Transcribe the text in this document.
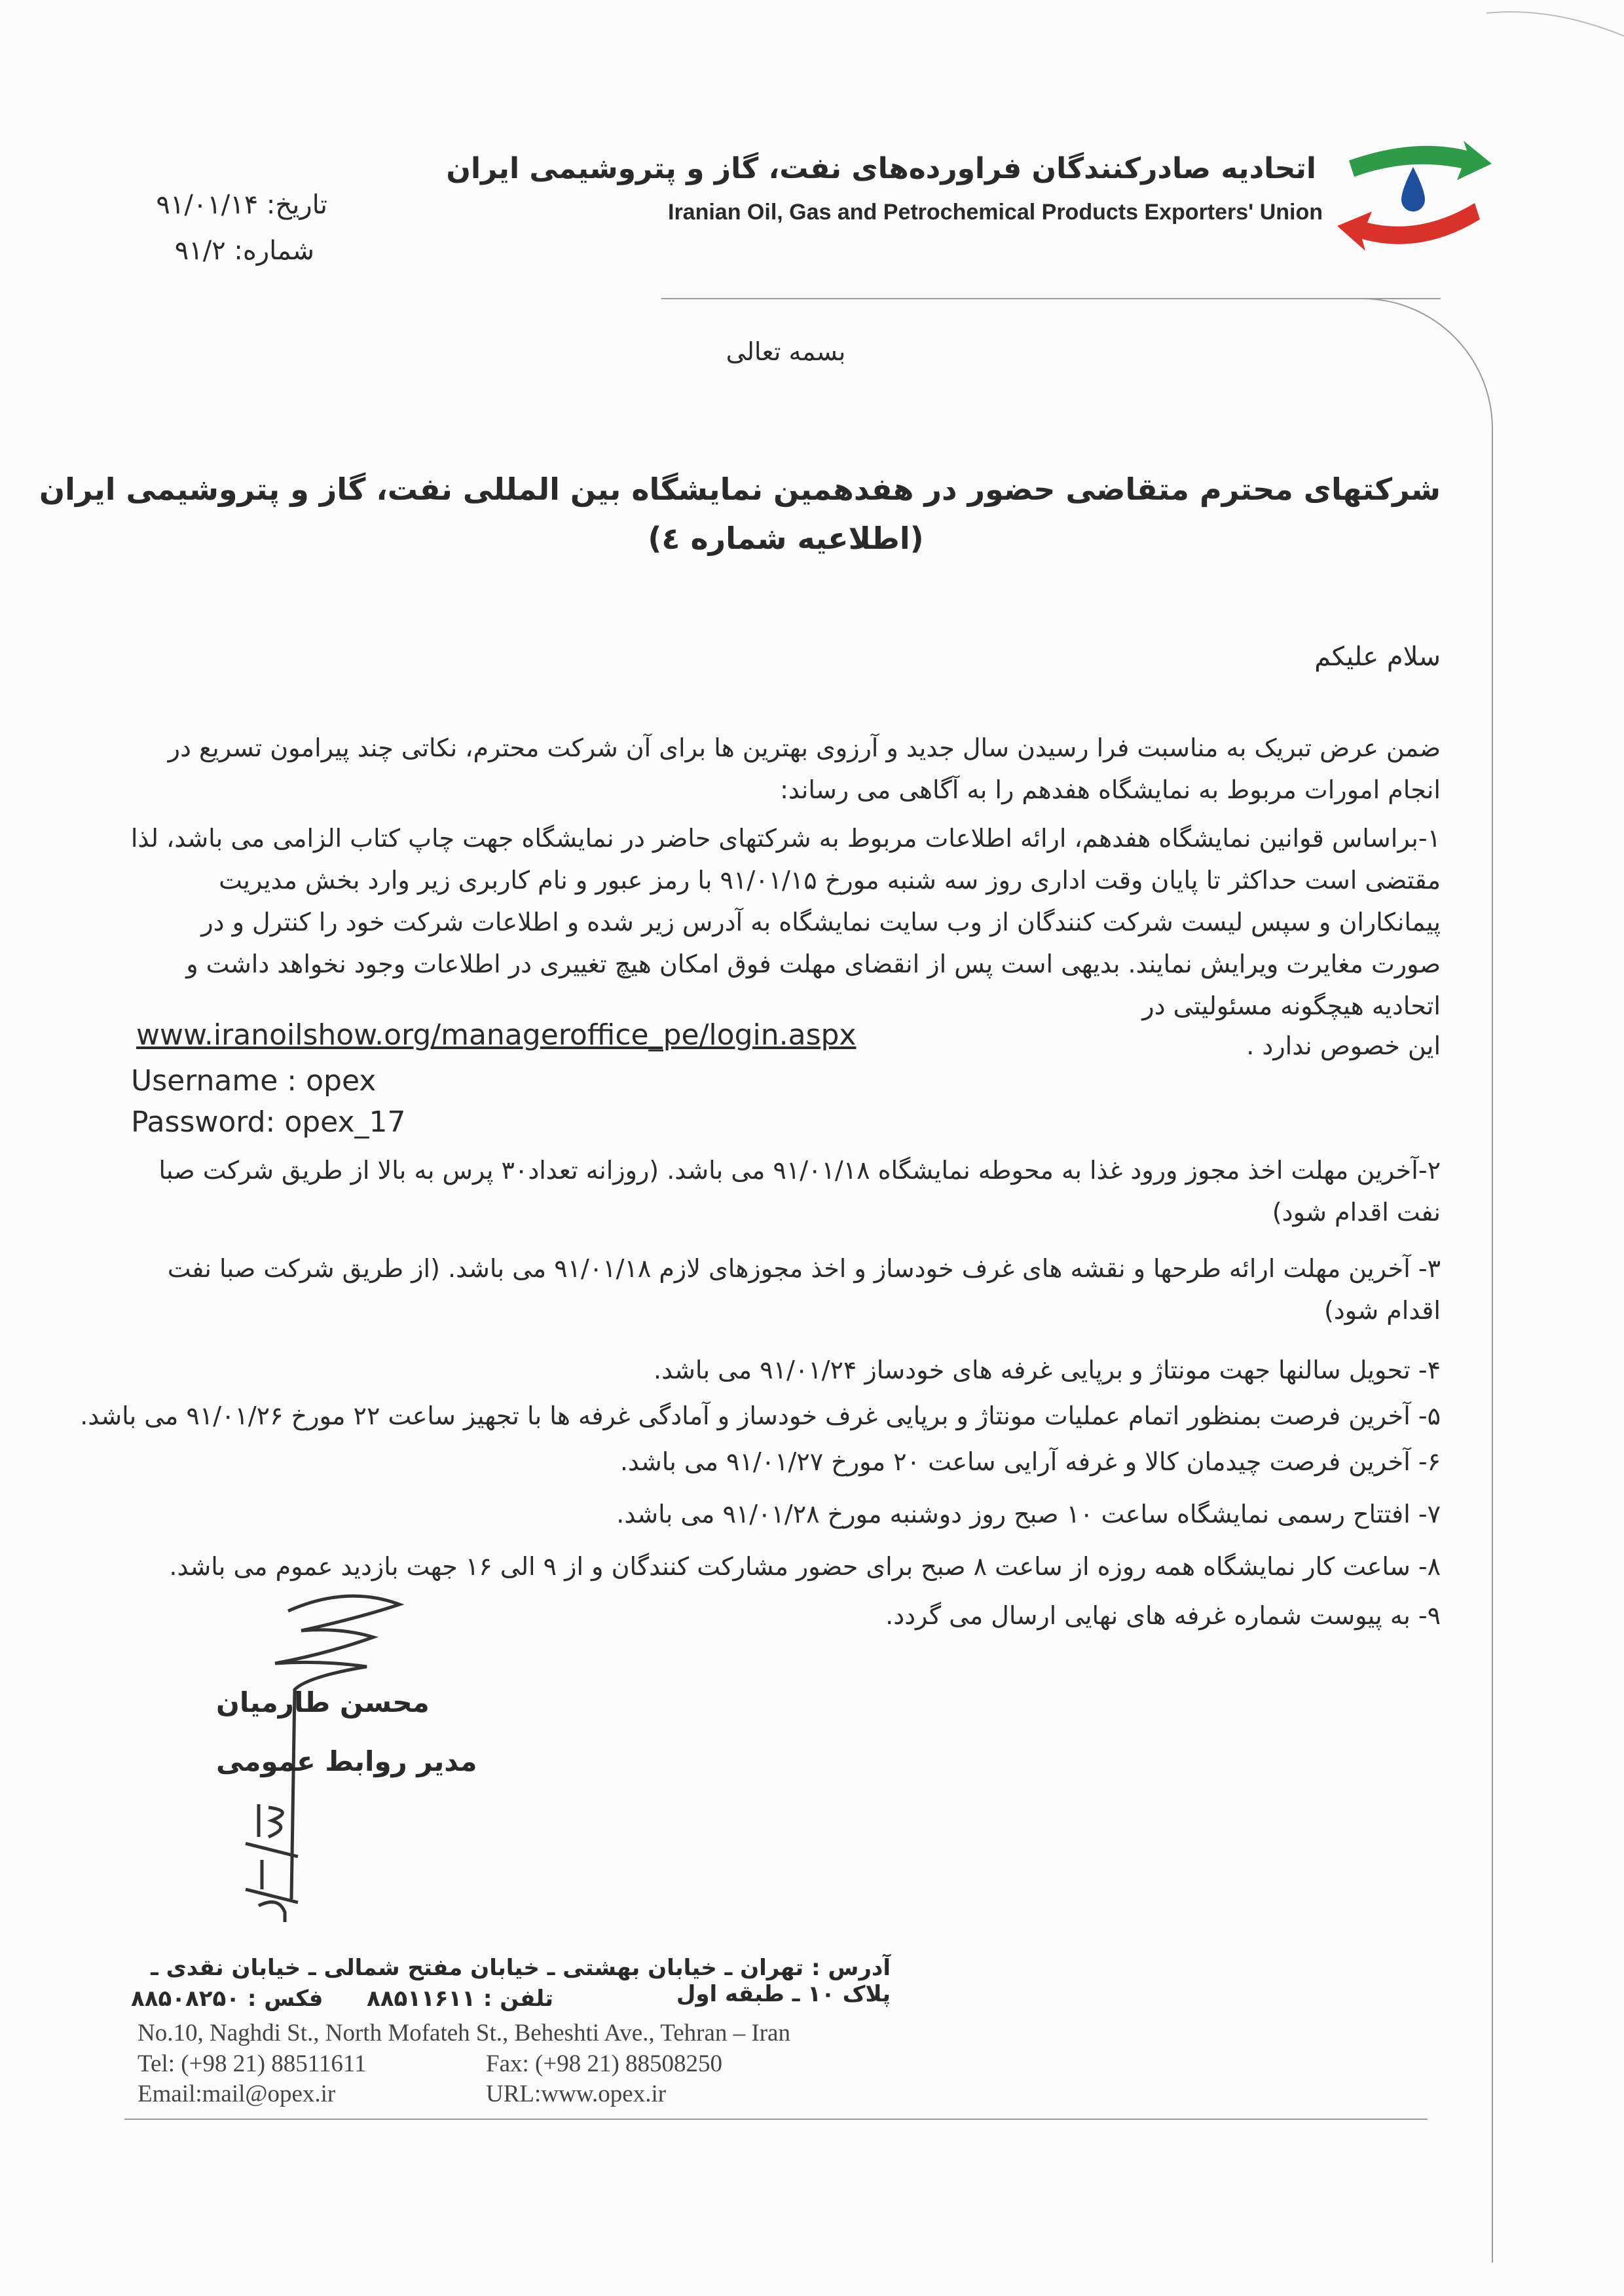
اتحادیه صادرکنندگان فراورده‌های نفت، گاز و پتروشیمی ایران
Iranian Oil, Gas and Petrochemical Products Exporters' Union
تاریخ: ۹۱/۰۱/۱۴
شماره: ۹۱/۲
بسمه تعالی
شرکتهای محترم متقاضی حضور در هفدهمین نمایشگاه بین المللی نفت، گاز و پتروشیمی ایران
(اطلاعیه شماره ٤)
سلام علیکم
ضمن عرض تبریک به مناسبت فرا رسیدن سال جدید و آرزوی بهترین ها برای آن شرکت محترم، نکاتی چند پیرامون تسریع در انجام امورات مربوط به نمایشگاه هفدهم را به آگاهی می رساند:
۱-براساس قوانین نمایشگاه هفدهم، ارائه اطلاعات مربوط به شرکتهای حاضر در نمایشگاه جهت چاپ کتاب الزامی می باشد، لذا مقتضی است حداکثر تا پایان وقت اداری روز سه شنبه مورخ ۹۱/۰۱/۱۵ با رمز عبور و نام کاربری زیر وارد بخش مدیریت پیمانکاران و سپس لیست شرکت کنندگان از وب سایت نمایشگاه به آدرس زیر شده و اطلاعات شرکت خود را کنترل و در صورت مغایرت ویرایش نمایند. بدیهی است پس از انقضای مهلت فوق امکان هیچ تغییری در اطلاعات وجود نخواهد داشت و اتحادیه هیچگونه مسئولیتی در
این خصوص ندارد .
www.iranoilshow.org/manageroffice_pe/login.aspx
Username : opex
Password: opex_17
۲-آخرین مهلت اخذ مجوز ورود غذا به محوطه نمایشگاه ۹۱/۰۱/۱۸ می باشد. (روزانه تعداد۳۰ پرس به بالا از طریق شرکت صبا نفت اقدام شود)
۳- آخرین مهلت ارائه طرحها و نقشه های غرف خودساز و اخذ مجوزهای لازم ۹۱/۰۱/۱۸ می باشد. (از طریق شرکت صبا نفت اقدام شود)
۴- تحویل سالنها جهت مونتاژ و برپایی غرفه های خودساز ۹۱/۰۱/۲۴ می باشد.
۵- آخرین فرصت بمنظور اتمام عملیات مونتاژ و برپایی غرف خودساز و آمادگی غرفه ها با تجهیز ساعت ۲۲ مورخ ۹۱/۰۱/۲۶ می باشد.
۶- آخرین فرصت چیدمان کالا و غرفه آرایی ساعت ۲۰ مورخ ۹۱/۰۱/۲۷ می باشد.
۷- افتتاح رسمی نمایشگاه ساعت ۱۰ صبح روز دوشنبه مورخ ۹۱/۰۱/۲۸ می باشد.
۸- ساعت کار نمایشگاه همه روزه از ساعت ۸ صبح برای حضور مشارکت کنندگان و از ۹ الی ۱۶ جهت بازدید عموم می باشد.
۹- به پیوست شماره غرفه های نهایی ارسال می گردد.
محسن طارمیان
مدیر روابط عمومی
آدرس : تهران ـ خیابان بهشتی ـ خیابان مفتح شمالی ـ خیابان نقدی ـ پلاک ۱۰ ـ طبقه اول
تلفن : ۸۸۵۱۱۶۱۱
فکس : ۸۸۵۰۸۲۵۰
No.10, Naghdi St., North Mofateh St., Beheshti Ave., Tehran – Iran
Tel: (+98 21) 88511611	Fax: (+98 21) 88508250
Email:mail@opex.ir	URL:www.opex.ir
